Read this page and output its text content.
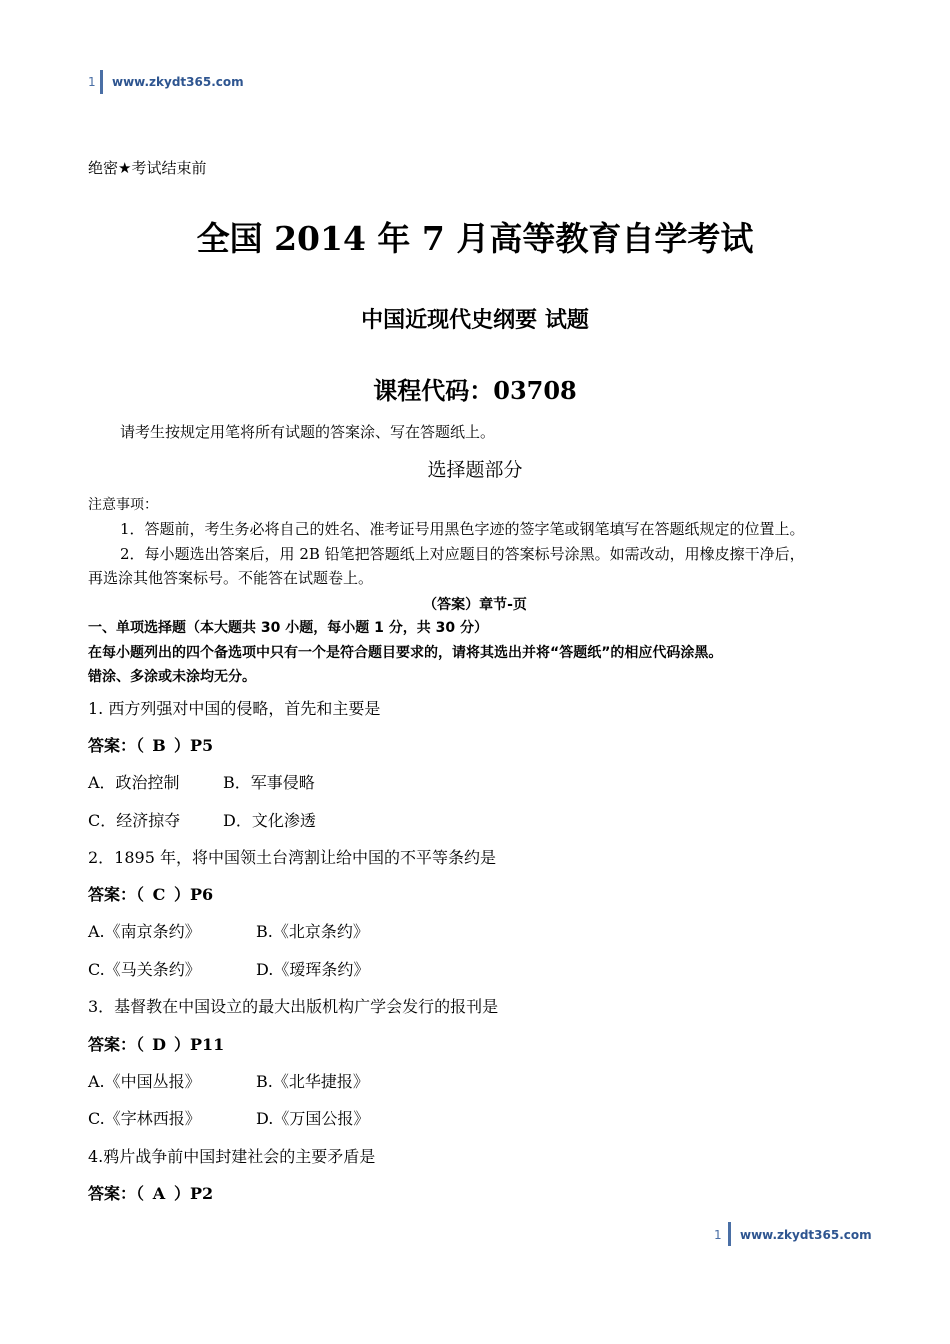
1 www.zkydt365.com
绝密★考试结束前
全国 2014 年 7 月高等教育自学考试
中国近现代史纲要 试题
课程代码：03708
请考生按规定用笔将所有试题的答案涂、写在答题纸上。
选择题部分
注意事项：
1．答题前，考生务必将自己的姓名、准考证号用黑色字迹的签字笔或钢笔填写在答题纸规定的位置上。
2．每小题选出答案后，用 2B 铅笔把答题纸上对应题目的答案标号涂黑。如需改动，用橡皮擦干净后，
再选涂其他答案标号。不能答在试题卷上。
（答案）章节-页
一、单项选择题（本大题共 30 小题，每小题 1 分，共 30 分）
在每小题列出的四个备选项中只有一个是符合题目要求的，请将其选出并将“答题纸”的相应代码涂黑。
错涂、多涂或未涂均无分。
1. 西方列强对中国的侵略，首先和主要是
答案：（ B ）P5
A．政治控制	B．军事侵略
C．经济掠夺	D．文化渗透
2．1895 年，将中国领土台湾割让给中国的不平等条约是
答案：（ C ）P6
A.《南京条约》	B.《北京条约》
C.《马关条约》	D.《瑷珲条约》
3．基督教在中国设立的最大出版机构广学会发行的报刊是
答案：（ D ）P11
A.《中国丛报》	B.《北华捷报》
C.《字林西报》	D.《万国公报》
4.鸦片战争前中国封建社会的主要矛盾是
答案：（ A ）P2
1 www.zkydt365.com
